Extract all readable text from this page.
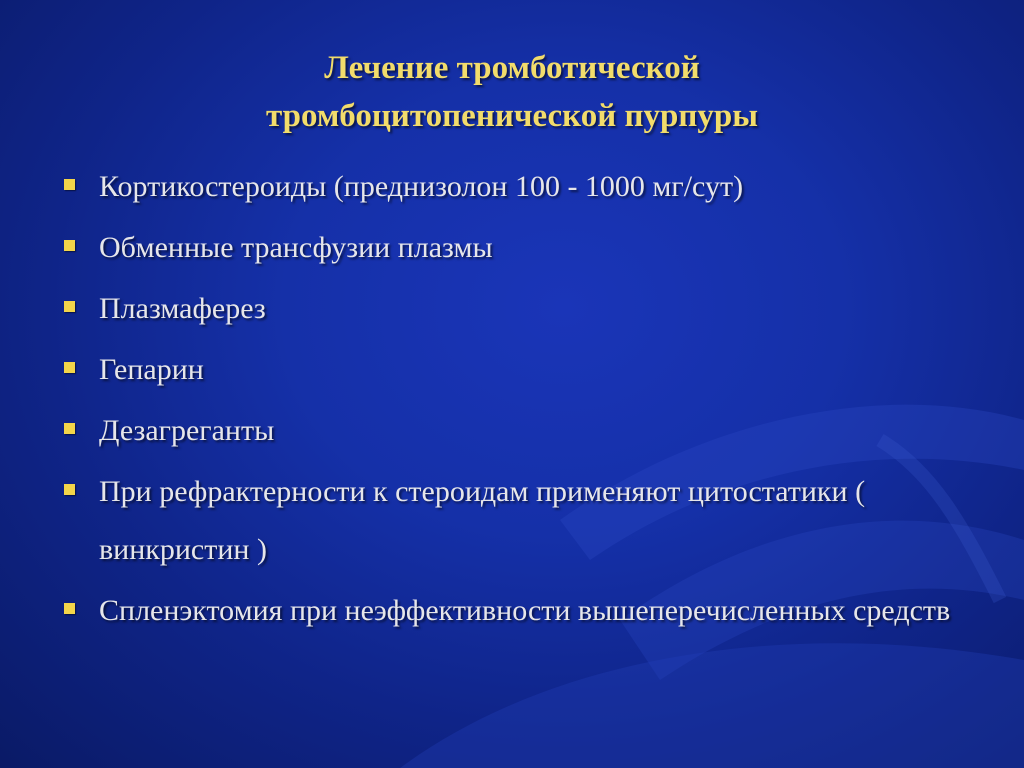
Лечение тромботической
тромбоцитопенической пурпуры
Кортикостероиды (преднизолон 100 - 1000 мг/сут)
Обменные трансфузии плазмы
Плазмаферез
Гепарин
Дезагреганты
При рефрактерности к стероидам применяют цитостатики ( винкристин )
Спленэктомия при неэффективности вышеперечисленных средств
